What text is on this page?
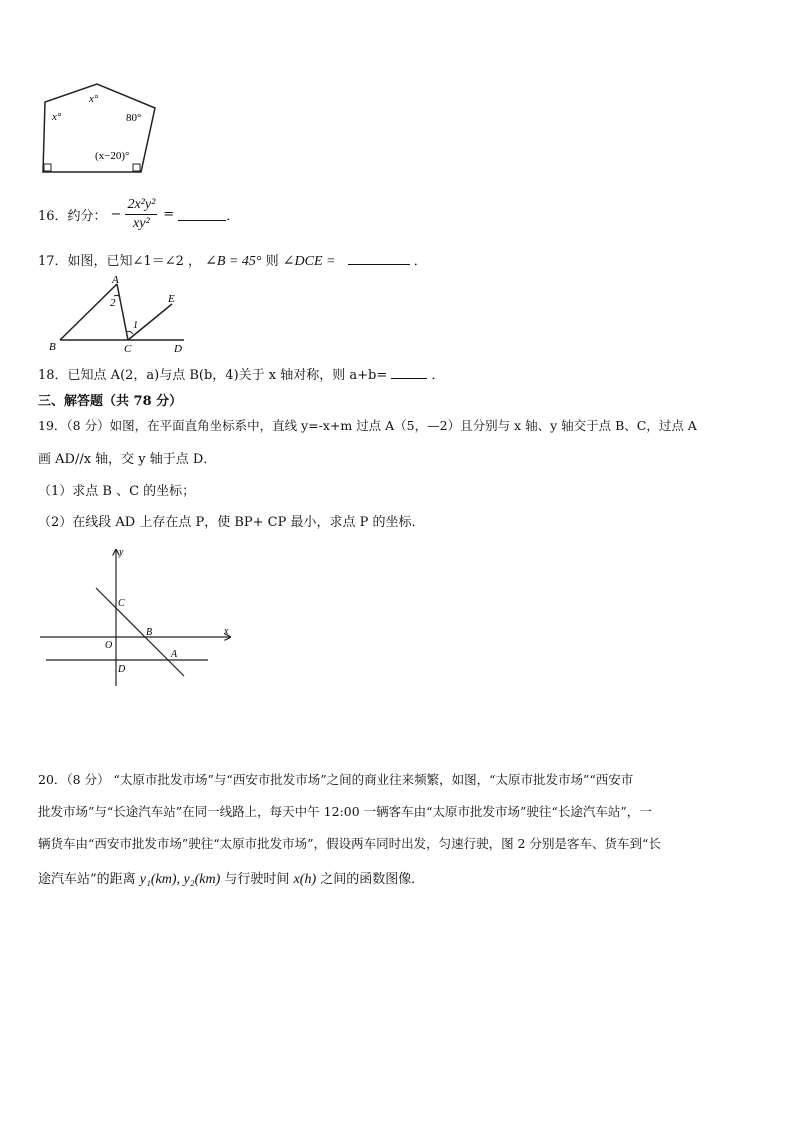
x°
x°	80°
(x−20)°
16．约分： − $\frac{\text{2x²y²}}{\text{xy²}}$ =	．
17．如图，已知∠1＝∠2 ， ∠B = 45° 则 ∠DCE =	．
A
2
1
E
B	C	D
18．已知点 A(2，a)与点 B(b，4)关于 x 轴对称，则 a+b=	．
三、解答题（共 78 分）
19．（8 分）如图，在平面直角坐标系中，直线 y=‐x+m 过点 A（5，—2）且分别与 x 轴、y 轴交于点 B、C，过点 A
画 AD//x 轴，交 y 轴于点 D．
（1）求点 B 、C 的坐标；
（2）在线段 AD 上存在点 P，使 BP+ CP 最小，求点 P 的坐标．
y
x
C
B
O
A
D
20．（8 分） “太原市批发市场”与“西安市批发市场”之间的商业往来频繁，如图，“太原市批发市场”“西安市
批发市场”与“长途汽车站”在同一线路上，每天中午 12:00 一辆客车由“太原市批发市场”驶往“长途汽车站”，一
辆货车由“西安市批发市场”驶往“太原市批发市场”，假设两车同时出发，匀速行驶，图 2 分别是客车、货车到“长
途汽车站”的距离 y₁(km), y₂(km) 与行驶时间 x(h) 之间的函数图像．
